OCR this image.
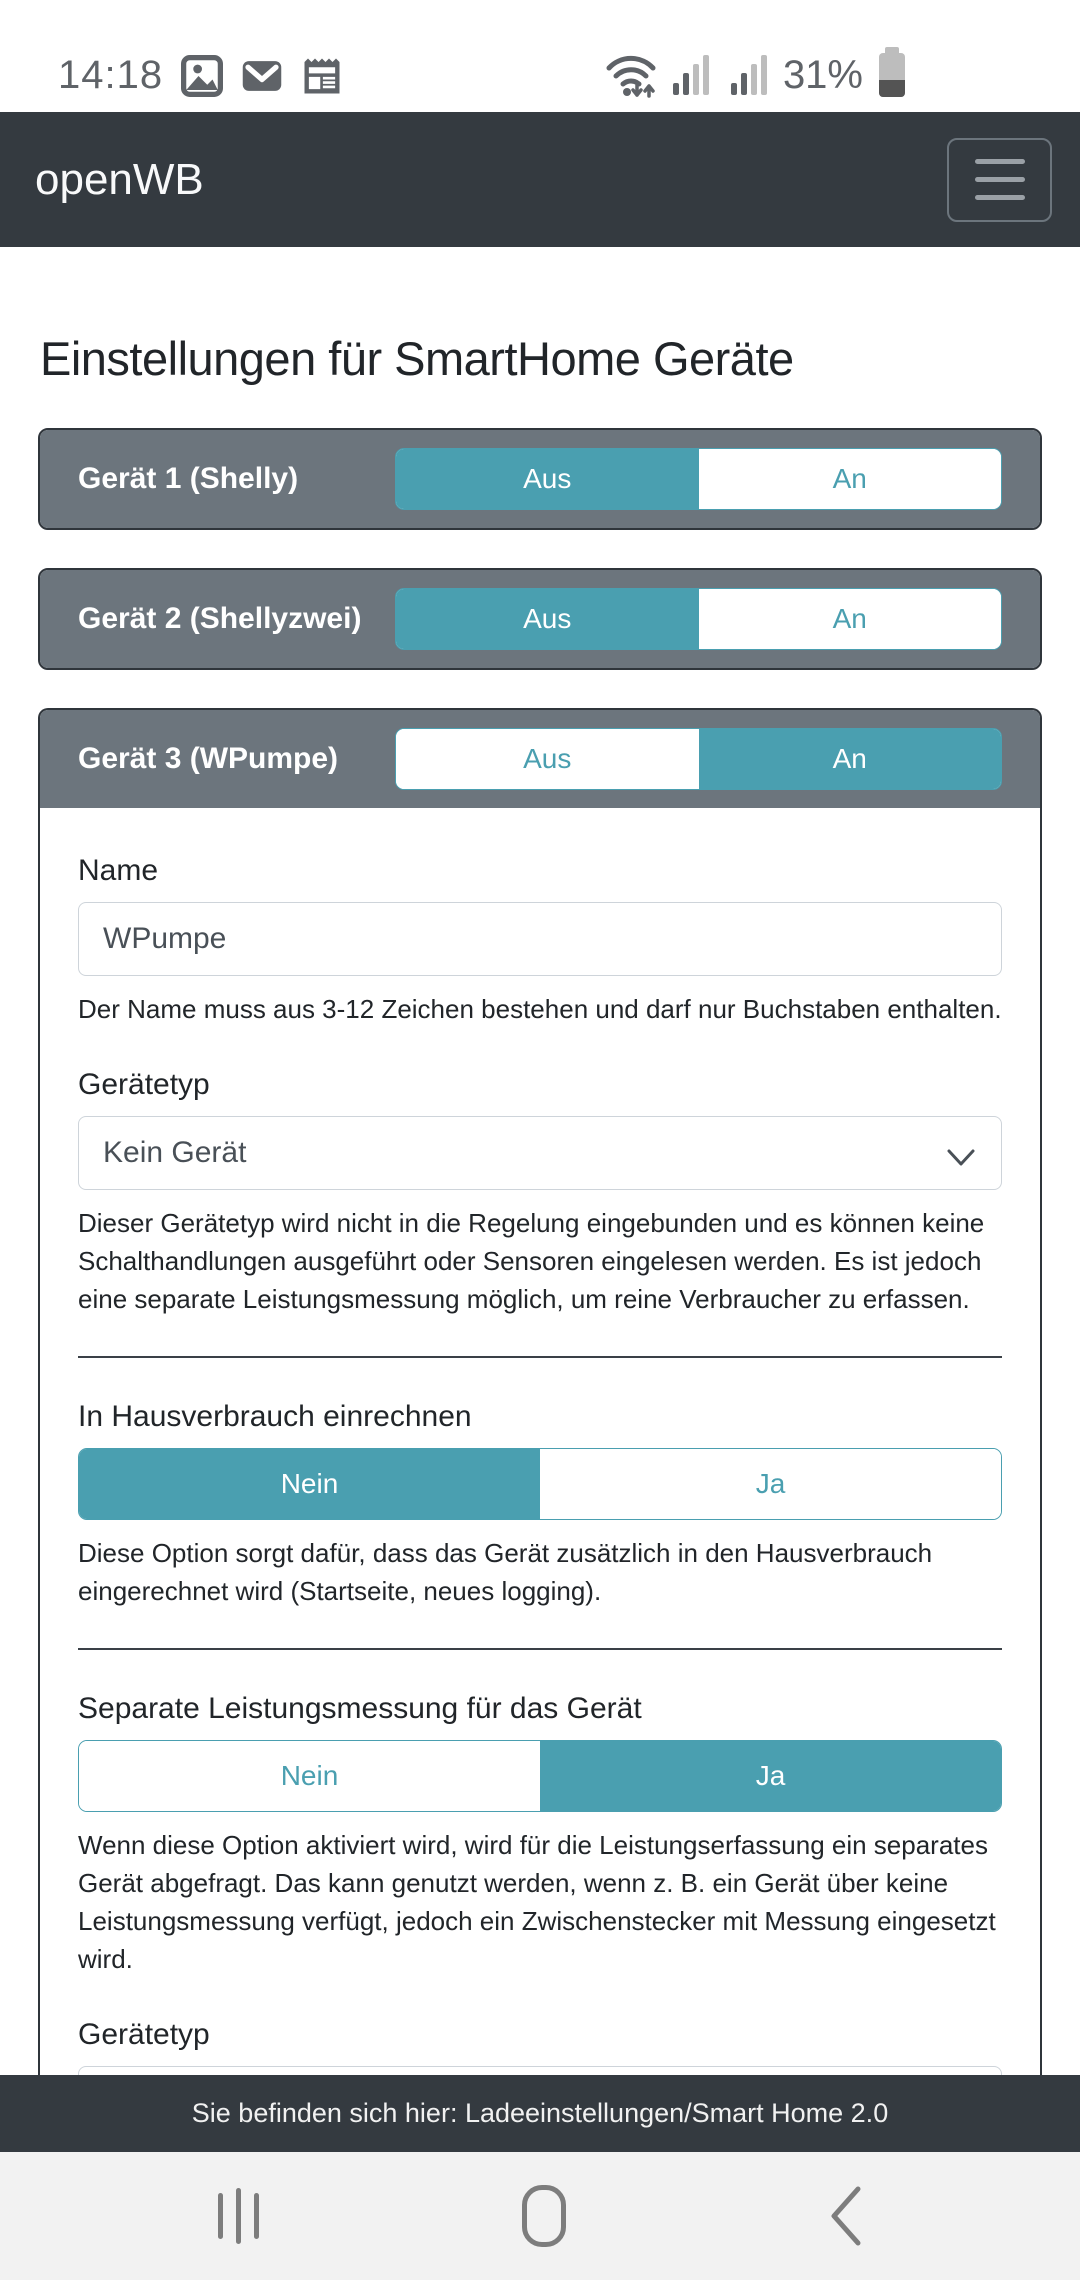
14:18	31%
openWB
Einstellungen für SmartHome Geräte
Gerät 1 (Shelly)	Aus	An
Gerät 2 (Shellyzwei)	Aus	An
Gerät 3 (WPumpe)	Aus	An
Name
WPumpe
Der Name muss aus 3-12 Zeichen bestehen und darf nur Buchstaben enthalten.
Gerätetyp
Kein Gerät
Dieser Gerätetyp wird nicht in die Regelung eingebunden und es können keine Schalthandlungen ausgeführt oder Sensoren eingelesen werden. Es ist jedoch eine separate Leistungsmessung möglich, um reine Verbraucher zu erfassen.
In Hausverbrauch einrechnen
Nein	Ja
Diese Option sorgt dafür, dass das Gerät zusätzlich in den Hausverbrauch eingerechnet wird (Startseite, neues logging).
Separate Leistungsmessung für das Gerät
Nein	Ja
Wenn diese Option aktiviert wird, wird für die Leistungserfassung ein separates Gerät abgefragt. Das kann genutzt werden, wenn z. B. ein Gerät über keine Leistungsmessung verfügt, jedoch ein Zwischenstecker mit Messung eingesetzt wird.
Gerätetyp
Sie befinden sich hier: Ladeeinstellungen/Smart Home 2.0
